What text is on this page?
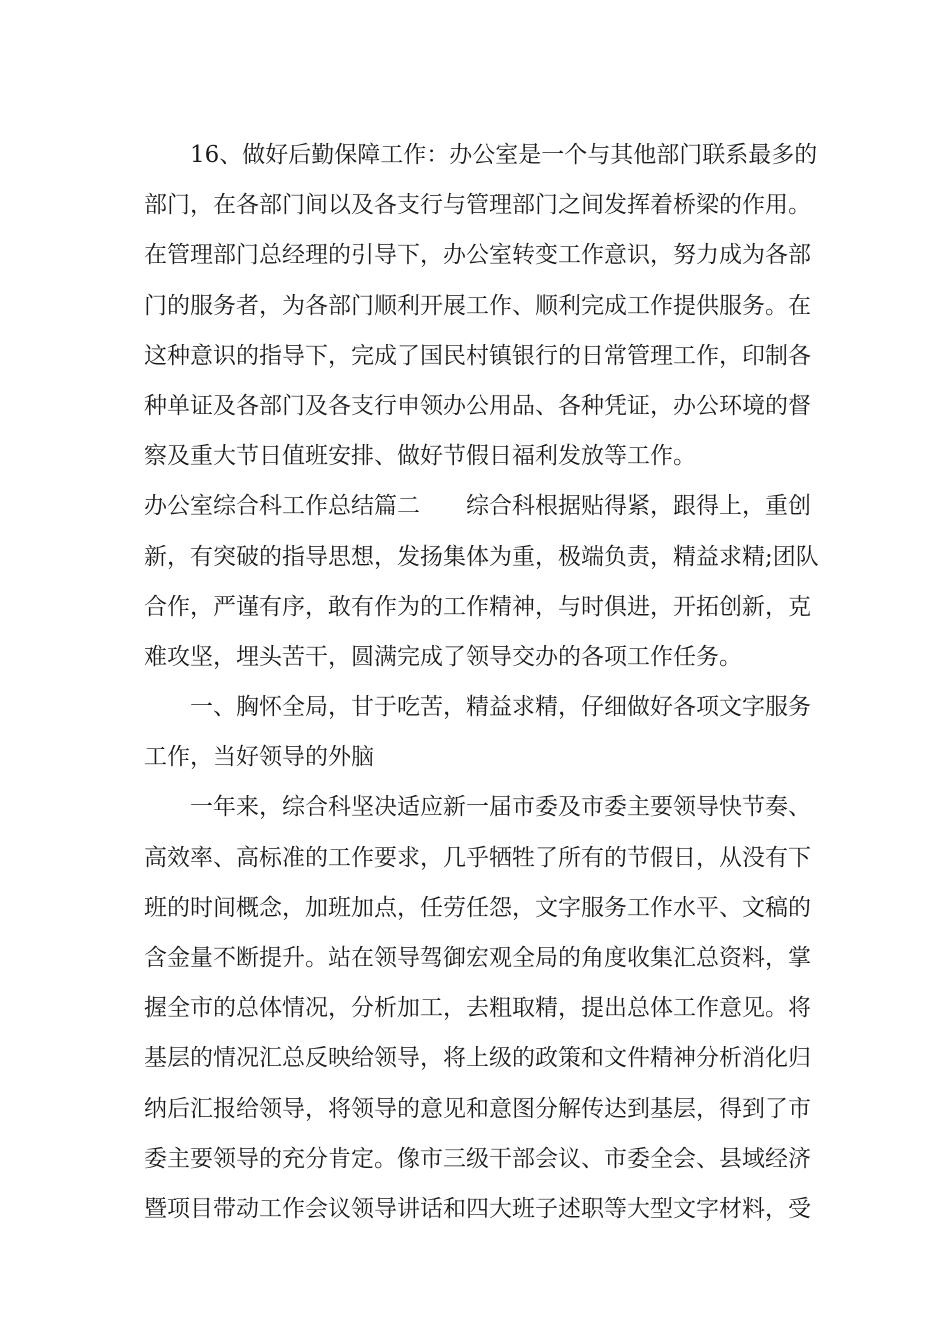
16、做好后勤保障工作：办公室是一个与其他部门联系最多的
部门，在各部门间以及各支行与管理部门之间发挥着桥梁的作用。
在管理部门总经理的引导下，办公室转变工作意识，努力成为各部
门的服务者，为各部门顺利开展工作、顺利完成工作提供服务。在
这种意识的指导下，完成了国民村镇银行的日常管理工作，印制各
种单证及各部门及各支行申领办公用品、各种凭证，办公环境的督
察及重大节日值班安排、做好节假日福利发放等工作。
办公室综合科工作总结篇二　　综合科根据贴得紧，跟得上，重创
新，有突破的指导思想，发扬集体为重，极端负责，精益求精;团队
合作，严谨有序，敢有作为的工作精神，与时俱进，开拓创新，克
难攻坚，埋头苦干，圆满完成了领导交办的各项工作任务。
一、胸怀全局，甘于吃苦，精益求精，仔细做好各项文字服务
工作，当好领导的外脑
一年来，综合科坚决适应新一届市委及市委主要领导快节奏、
高效率、高标准的工作要求，几乎牺牲了所有的节假日，从没有下
班的时间概念，加班加点，任劳任怨，文字服务工作水平、文稿的
含金量不断提升。站在领导驾御宏观全局的角度收集汇总资料，掌
握全市的总体情况，分析加工，去粗取精，提出总体工作意见。将
基层的情况汇总反映给领导，将上级的政策和文件精神分析消化归
纳后汇报给领导，将领导的意见和意图分解传达到基层，得到了市
委主要领导的充分肯定。像市三级干部会议、市委全会、县域经济
暨项目带动工作会议领导讲话和四大班子述职等大型文字材料，受
